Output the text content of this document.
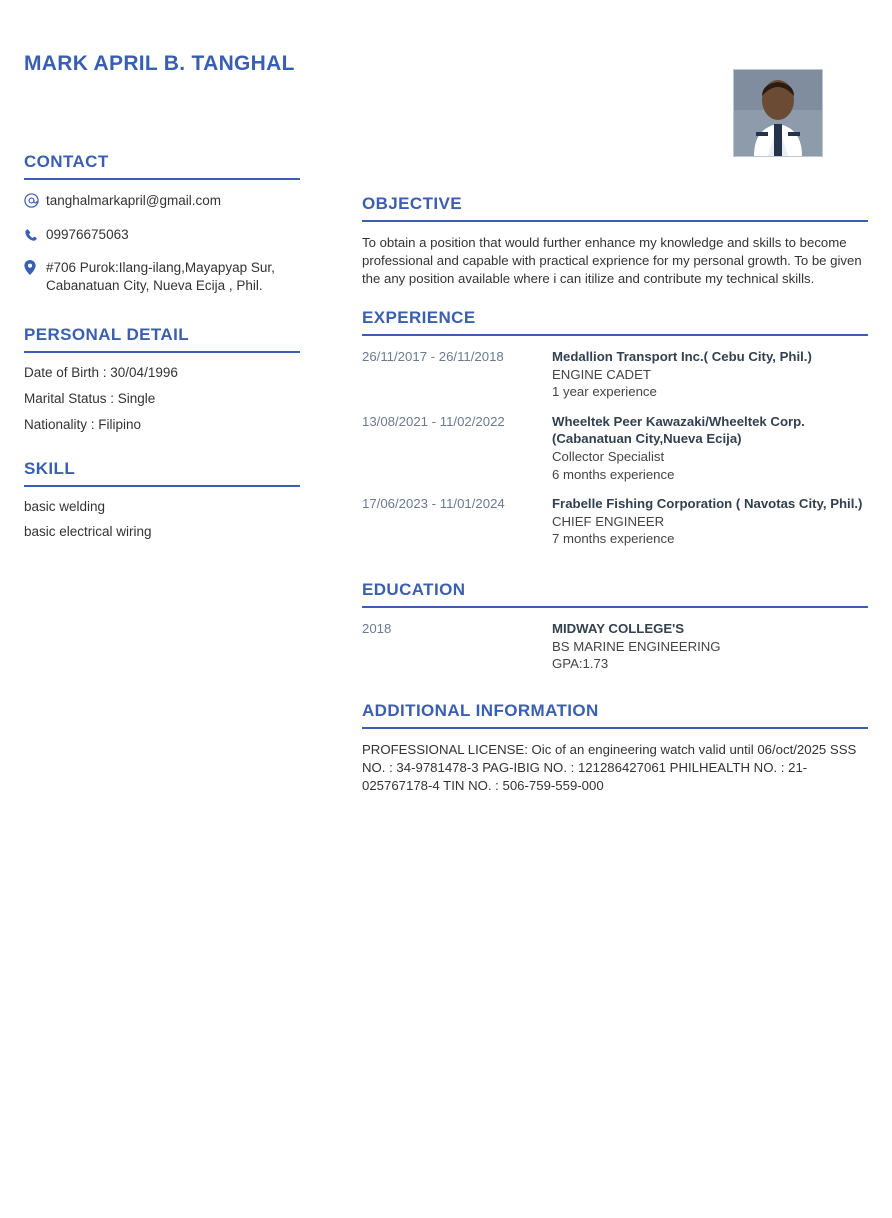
MARK APRIL B. TANGHAL
CONTACT
tanghalmarkapril@gmail.com
09976675063
#706 Purok:Ilang-ilang,Mayapyap Sur, Cabanatuan City, Nueva Ecija , Phil.
PERSONAL DETAIL
Date of Birth : 30/04/1996
Marital Status : Single
Nationality : Filipino
SKILL
basic welding
basic electrical wiring
OBJECTIVE

To obtain a position that would further enhance my knowledge and skills to become professional and capable with practical exprience for my personal growth. To be given the any position available where i can itilize and contribute my technical skills.

EXPERIENCE
26/11/2017 - 26/11/2018	Medallion Transport Inc.( Cebu City, Phil.)
ENGINE CADET
1 year experience
13/08/2021 - 11/02/2022	Wheeltek Peer Kawazaki/Wheeltek Corp. (Cabanatuan City,Nueva Ecija)
Collector Specialist
6 months experience
17/06/2023 - 11/01/2024	Frabelle Fishing Corporation ( Navotas City, Phil.)
CHIEF ENGINEER
7 months experience
EDUCATION
2018	MIDWAY COLLEGE'S
BS MARINE ENGINEERING
GPA:1.73
ADDITIONAL INFORMATION
PROFESSIONAL LICENSE: Oic of an engineering watch valid until 06/oct/2025 SSS NO. : 34-9781478-3 PAG-IBIG NO. : 121286427061 PHILHEALTH NO. : 21-025767178-4 TIN NO. : 506-759-559-000
